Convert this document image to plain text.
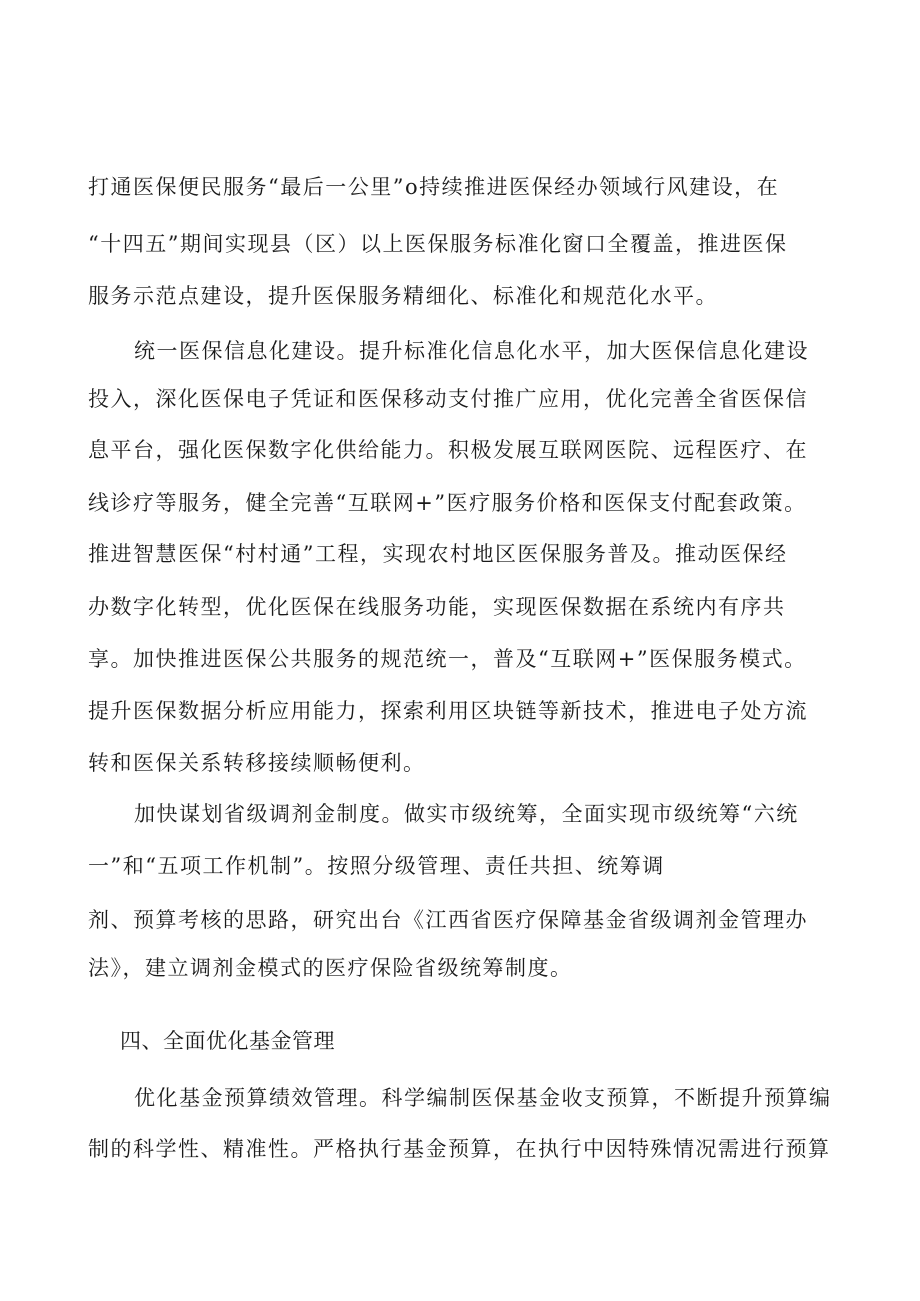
打通医保便民服务“最后一公里”o持续推进医保经办领域行风建设，在
“十四五”期间实现县（区）以上医保服务标准化窗口全覆盖，推进医保
服务示范点建设，提升医保服务精细化、标准化和规范化水平。
统一医保信息化建设。提升标准化信息化水平，加大医保信息化建设
投入，深化医保电子凭证和医保移动支付推广应用，优化完善全省医保信
息平台，强化医保数字化供给能力。积极发展互联网医院、远程医疗、在
线诊疗等服务，健全完善“互联网+”医疗服务价格和医保支付配套政策。
推进智慧医保“村村通”工程，实现农村地区医保服务普及。推动医保经
办数字化转型，优化医保在线服务功能，实现医保数据在系统内有序共
享。加快推进医保公共服务的规范统一，普及“互联网+”医保服务模式。
提升医保数据分析应用能力，探索利用区块链等新技术，推进电子处方流
转和医保关系转移接续顺畅便利。
加快谋划省级调剂金制度。做实市级统筹，全面实现市级统筹“六统
一”和“五项工作机制”。按照分级管理、责任共担、统筹调
剂、预算考核的思路，研究出台《江西省医疗保障基金省级调剂金管理办
法》，建立调剂金模式的医疗保险省级统筹制度。
四、全面优化基金管理
优化基金预算绩效管理。科学编制医保基金收支预算，不断提升预算编
制的科学性、精准性。严格执行基金预算，在执行中因特殊情况需进行预算
